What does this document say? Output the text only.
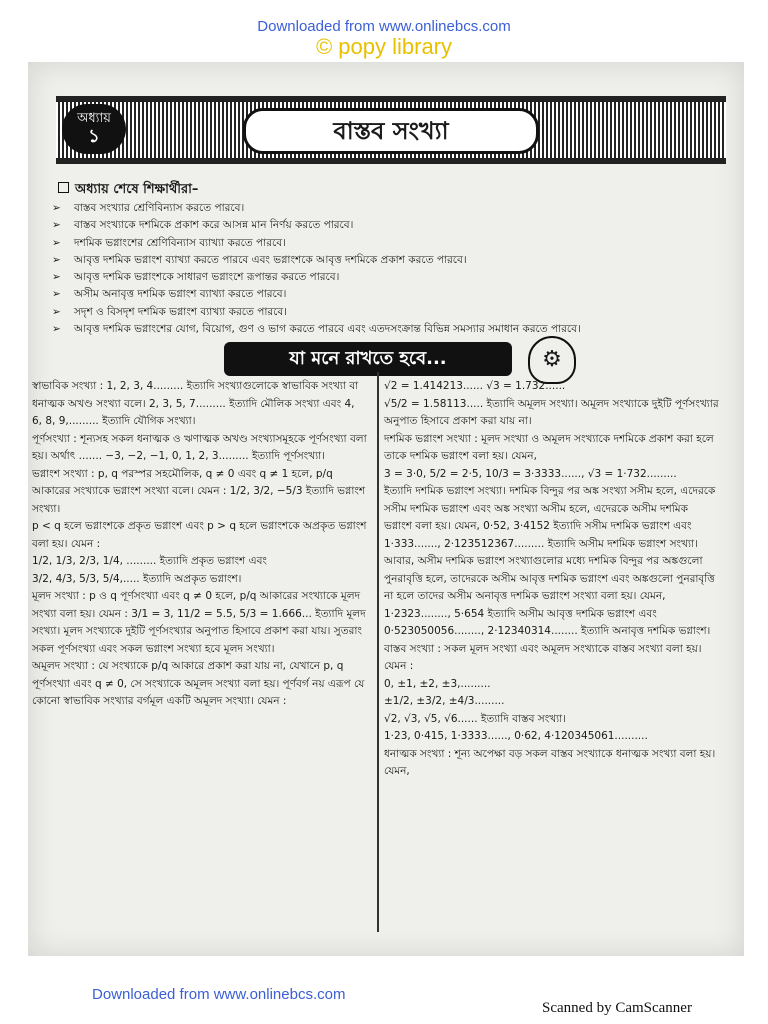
Downloaded from www.onlinebcs.com
© popy library
অধ্যায়
১	বাস্তব সংখ্যা
অধ্যায় শেষে শিক্ষার্থীরা–
➢ বাস্তব সংখ্যার শ্রেণিবিন্যাস করতে পারবে।
➢ বাস্তব সংখ্যাকে দশমিকে প্রকাশ করে আসন্ন মান নির্ণয় করতে পারবে।
➢ দশমিক ভগ্নাংশের শ্রেণিবিন্যাস ব্যাখ্যা করতে পারবে।
➢ আবৃত্ত দশমিক ভগ্নাংশ ব্যাখ্যা করতে পারবে এবং ভগ্নাংশকে আবৃত্ত দশমিকে প্রকাশ করতে পারবে।
➢ আবৃত্ত দশমিক ভগ্নাংশকে সাধারণ ভগ্নাংশে রূপান্তর করতে পারবে।
➢ অসীম অনাবৃত্ত দশমিক ভগ্নাংশ ব্যাখ্যা করতে পারবে।
➢ সদৃশ ও বিসদৃশ দশমিক ভগ্নাংশ ব্যাখ্যা করতে পারবে।
➢ আবৃত্ত দশমিক ভগ্নাংশের যোগ, বিয়োগ, গুণ ও ভাগ করতে পারবে এবং এতদসংক্রান্ত বিভিন্ন সমস্যার সমাধান করতে পারবে।
যা মনে রাখতে হবে...	⚙

স্বাভাবিক সংখ্যা : 1, 2, 3, 4......... ইত্যাদি সংখ্যাগুলোকে স্বাভাবিক সংখ্যা বা ধনাত্মক অখণ্ড সংখ্যা বলে। 2, 3, 5, 7......... ইত্যাদি মৌলিক সংখ্যা এবং 4, 6, 8, 9,......... ইত্যাদি যৌগিক সংখ্যা।

পূর্ণসংখ্যা : শূন্যসহ সকল ধনাত্মক ও ঋণাত্মক অখণ্ড সংখ্যাসমূহকে পূর্ণসংখ্যা বলা হয়। অর্থাৎ ....... −3, −2, −1, 0, 1, 2, 3......... ইত্যাদি পূর্ণসংখ্যা।

ভগ্নাংশ সংখ্যা : p, q পরস্পর সহমৌলিক, q ≠ 0 এবং q ≠ 1 হলে, p/q আকারের সংখ্যাকে ভগ্নাংশ সংখ্যা বলে। যেমন : 1/2, 3/2, −5/3 ইত্যাদি ভগ্নাংশ সংখ্যা।

p < q হলে ভগ্নাংশকে প্রকৃত ভগ্নাংশ এবং p > q হলে ভগ্নাংশকে অপ্রকৃত ভগ্নাংশ বলা হয়। যেমন :

1/2, 1/3, 2/3, 1/4, ......... ইত্যাদি প্রকৃত ভগ্নাংশ এবং

3/2, 4/3, 5/3, 5/4,..... ইত্যাদি অপ্রকৃত ভগ্নাংশ।

মূলদ সংখ্যা : p ও q পূর্ণসংখ্যা এবং q ≠ 0 হলে, p/q আকারের সংখ্যাকে মূলদ সংখ্যা বলা হয়। যেমন : 3/1 = 3, 11/2 = 5.5, 5/3 = 1.666... ইত্যাদি মূলদ সংখ্যা। মূলদ সংখ্যাকে দুইটি পূর্ণসংখ্যার অনুপাত হিসাবে প্রকাশ করা যায়। সুতরাং সকল পূর্ণসংখ্যা এবং সকল ভগ্নাংশ সংখ্যা হবে মূলদ সংখ্যা।

অমূলদ সংখ্যা : যে সংখ্যাকে p/q আকারে প্রকাশ করা যায় না, যেখানে p, q পূর্ণসংখ্যা এবং q ≠ 0, সে সংখ্যাকে অমূলদ সংখ্যা বলা হয়। পূর্ণবর্গ নয় এরূপ যে কোনো স্বাভাবিক সংখ্যার বর্গমূল একটি অমূলদ সংখ্যা। যেমন :

√2 = 1.414213...... √3 = 1.732......

√5/2 = 1.58113..... ইত্যাদি অমূলদ সংখ্যা। অমূলদ সংখ্যাকে দুইটি পূর্ণসংখ্যার অনুপাত হিসাবে প্রকাশ করা যায় না।

দশমিক ভগ্নাংশ সংখ্যা : মূলদ সংখ্যা ও অমূলদ সংখ্যাকে দশমিকে প্রকাশ করা হলে তাকে দশমিক ভগ্নাংশ বলা হয়। যেমন,

3 = 3·0, 5/2 = 2·5, 10/3 = 3·3333......, √3 = 1·732.........

ইত্যাদি দশমিক ভগ্নাংশ সংখ্যা। দশমিক বিন্দুর পর অঙ্ক সংখ্যা সসীম হলে, এদেরকে সসীম দশমিক ভগ্নাংশ এবং অঙ্ক সংখ্যা অসীম হলে, এদেরকে অসীম দশমিক ভগ্নাংশ বলা হয়। যেমন, 0·52, 3·4152 ইত্যাদি সসীম দশমিক ভগ্নাংশ এবং 1·333......., 2·123512367......... ইত্যাদি অসীম দশমিক ভগ্নাংশ সংখ্যা। আবার, অসীম দশমিক ভগ্নাংশ সংখ্যাগুলোর মধ্যে দশমিক বিন্দুর পর অঙ্কগুলো পুনরাবৃত্তি হলে, তাদেরকে অসীম আবৃত্ত দশমিক ভগ্নাংশ এবং অঙ্কগুলো পুনরাবৃত্তি না হলে তাদের অসীম অনাবৃত্ত দশমিক ভগ্নাংশ সংখ্যা বলা হয়। যেমন, 1·2323........, 5·654 ইত্যাদি অসীম আবৃত্ত দশমিক ভগ্নাংশ এবং 0·523050056........, 2·12340314........ ইত্যাদি অনাবৃত্ত দশমিক ভগ্নাংশ।

বাস্তব সংখ্যা : সকল মূলদ সংখ্যা এবং অমূলদ সংখ্যাকে বাস্তব সংখ্যা বলা হয়। যেমন :

0, ±1, ±2, ±3,.........

±1/2, ±3/2, ±4/3.........

√2, √3, √5, √6...... ইত্যাদি বাস্তব সংখ্যা।

1·23, 0·415, 1·3333......, 0·62, 4·120345061..........

ধনাত্মক সংখ্যা : শূন্য অপেক্ষা বড় সকল বাস্তব সংখ্যাকে ধনাত্মক সংখ্যা বলা হয়। যেমন,

Downloaded from www.onlinebcs.com
Scanned by CamScanner
